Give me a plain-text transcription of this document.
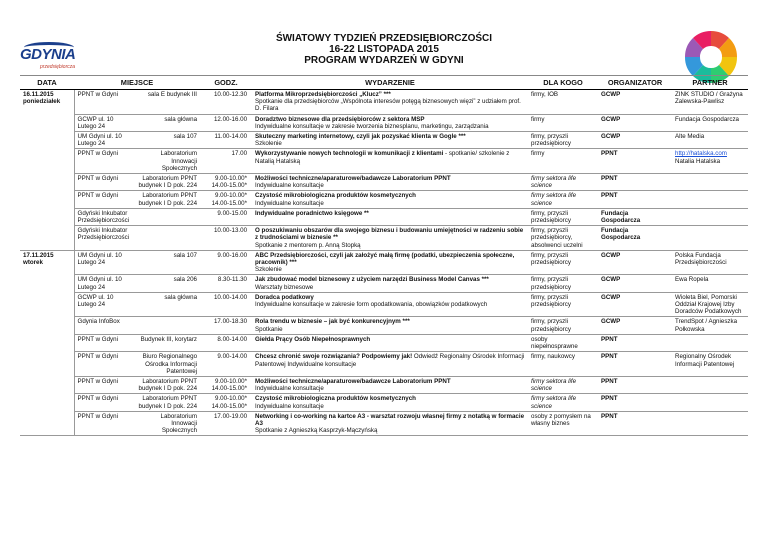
GDYNIA
przedsiębiorcza
ŚWIATOWY TYDZIEŃ PRZEDSIĘBIORCZOŚCI
16-22 LISTOPADA 2015
PROGRAM WYDARZEŃ W GDYNI
DATA	MIEJSCE		GODZ.	WYDARZENIE	DLA KOGO	ORGANIZATOR	PARTNER
16.11.2015
poniedziałek	PPNT w Gdyni	sala E budynek III	10.00-12.30	Platforma Mikroprzedsiębiorczości „Klucz” ***
Spotkanie dla przedsiębiorców „Wspólnota interesów potęgą biznesowych więzi” z udziałem prof. D. Filara	firmy, IOB	GCWP	ZINK STUDIO / Grażyna Zalewska-Pawlisz
	GCWP ul. 10 Lutego 24	sala główna	12.00-16.00	Doradztwo biznesowe dla przedsiębiorców z sektora MSP
Indywidualne konsultacje w zakresie tworzenia biznesplanu, marketingu, zarządzania	firmy	GCWP	Fundacja Gospodarcza
	UM Gdyni ul. 10 Lutego 24	sala 107	11.00-14.00	Skuteczny marketing internetowy, czyli jak pozyskać klienta w Gogle ***
Szkolenie	firmy, przyszli przedsiębiorcy	GCWP	Alte Media
	PPNT w Gdyni	Laboratorium Innowacji Społecznych	17.00	Wykorzystywanie nowych technologii w komunikacji z klientami - spotkanie/ szkolenie z Natalią Hatalską	firmy	PPNT	http://hatalska.com
Natalia Hatalska
	PPNT w Gdyni	Laboratorium PPNT budynek I D pok. 224	9.00-10.00* 14.00-15.00*	Możliwości techniczne/aparaturowe/badawcze Laboratorium PPNT
Indywidualne konsultacje	firmy sektora life science	PPNT	
	PPNT w Gdyni	Laboratorium PPNT budynek I D pok. 224	9.00-10.00* 14.00-15.00*	Czystość mikrobiologiczna produktów kosmetycznych
Indywidualne konsultacje	firmy sektora life science	PPNT	
	Gdyński Inkubator Przedsiębiorczości		9.00-15.00	Indywidualne poradnictwo księgowe **	firmy, przyszli przedsiębiorcy	Fundacja Gospodarcza	
	Gdyński Inkubator Przedsiębiorczości		10.00-13.00	O poszukiwaniu obszarów dla swojego biznesu i budowaniu umiejętności w radzeniu sobie z trudnościami w biznesie **
Spotkanie z mentorem p. Anną Stopką	firmy, przyszli przedsiębiorcy, absolwenci uczelni	Fundacja Gospodarcza	
17.11.2015
wtorek	UM Gdyni ul. 10 Lutego 24	sala 107	9.00-16.00	ABC Przedsiębiorczości, czyli jak założyć małą firmę (podatki, ubezpieczenia społeczne, pracownik) ***
Szkolenie	firmy, przyszli przedsiębiorcy	GCWP	Polska Fundacja Przedsiębiorczości
	UM Gdyni ul. 10 Lutego 24	sala 206	8.30-11.30	Jak zbudować model biznesowy z użyciem narzędzi Business Model Canvas ***
Warsztaty biznesowe	firmy, przyszli przedsiębiorcy	GCWP	Ewa Ropela
	GCWP ul. 10 Lutego 24	sala główna	10.00-14.00	Doradca podatkowy
Indywidualne konsultacje w zakresie form opodatkowania, obowiązków podatkowych	firmy, przyszli przedsiębiorcy	GCWP	Wioleta Biel, Pomorski Oddział Krajowej Izby Doradców Podatkowych
	Gdynia InfoBox		17.00-18.30	Rola trendu w biznesie – jak być konkurencyjnym ***
Spotkanie	firmy, przyszli przedsiębiorcy	GCWP	TrendSpot / Agnieszka Połkowska
	PPNT w Gdyni	Budynek III, korytarz	8.00-14.00	Giełda Prący Osób Niepełnosprawnych	osoby niepełnosprawne	PPNT	
	PPNT w Gdyni	Biuro Regionalnego Ośrodka Informacji Patentowej	9.00-14.00	Chcesz chronić swoje rozwiązania? Podpowiemy jak! Odwiedź Regionalny Ośrodek Informacji Patentowej Indywidualne konsultacje	firmy, naukowcy	PPNT	Regionalny Ośrodek Informacji Patentowej
	PPNT w Gdyni	Laboratorium PPNT budynek I D pok. 224	9.00-10.00* 14.00-15.00*	Możliwości techniczne/aparaturowe/badawcze Laboratorium PPNT
Indywidualne konsultacje	firmy sektora life science	PPNT	
	PPNT w Gdyni	Laboratorium PPNT budynek I D pok. 224	9.00-10.00* 14.00-15.00*	Czystość mikrobiologiczna produktów kosmetycznych
Indywidualne konsultacje	firmy sektora life science	PPNT	
	PPNT w Gdyni	Laboratorium Innowacji Społecznych	17.00-19.00	Networking i co-working na kartce A3 - warsztat rozwoju własnej firmy z notatką w formacie A3
Spotkanie z Agnieszką Kasprzyk-Mączyńską	osoby z pomysłem na własny biznes	PPNT	
